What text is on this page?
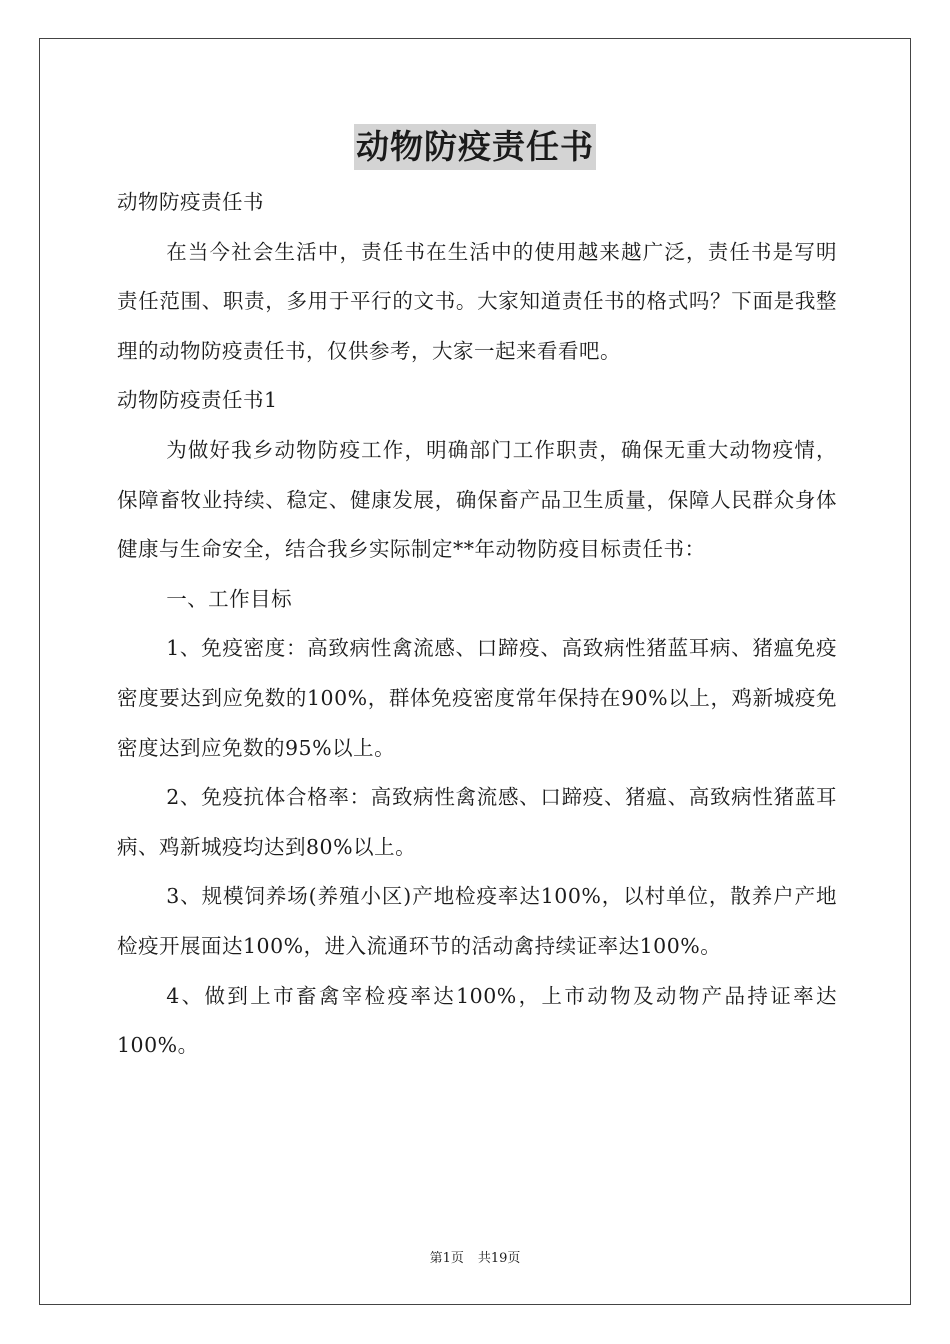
动物防疫责任书

动物防疫责任书

在当今社会生活中，责任书在生活中的使用越来越广泛，责任书是写明责任范围、职责，多用于平行的文书。大家知道责任书的格式吗？下面是我整理的动物防疫责任书，仅供参考，大家一起来看看吧。

动物防疫责任书1

为做好我乡动物防疫工作，明确部门工作职责，确保无重大动物疫情，保障畜牧业持续、稳定、健康发展，确保畜产品卫生质量，保障人民群众身体健康与生命安全，结合我乡实际制定**年动物防疫目标责任书：

一、工作目标

1、免疫密度：高致病性禽流感、口蹄疫、高致病性猪蓝耳病、猪瘟免疫密度要达到应免数的100%，群体免疫密度常年保持在90%以上，鸡新城疫免密度达到应免数的95%以上。

2、免疫抗体合格率：高致病性禽流感、口蹄疫、猪瘟、高致病性猪蓝耳病、鸡新城疫均达到80%以上。

3、规模饲养场(养殖小区)产地检疫率达100%，以村单位，散养户产地检疫开展面达100%，进入流通环节的活动禽持续证率达100%。

4、做到上市畜禽宰检疫率达100%，上市动物及动物产品持证率达100%。

第1页 共19页
